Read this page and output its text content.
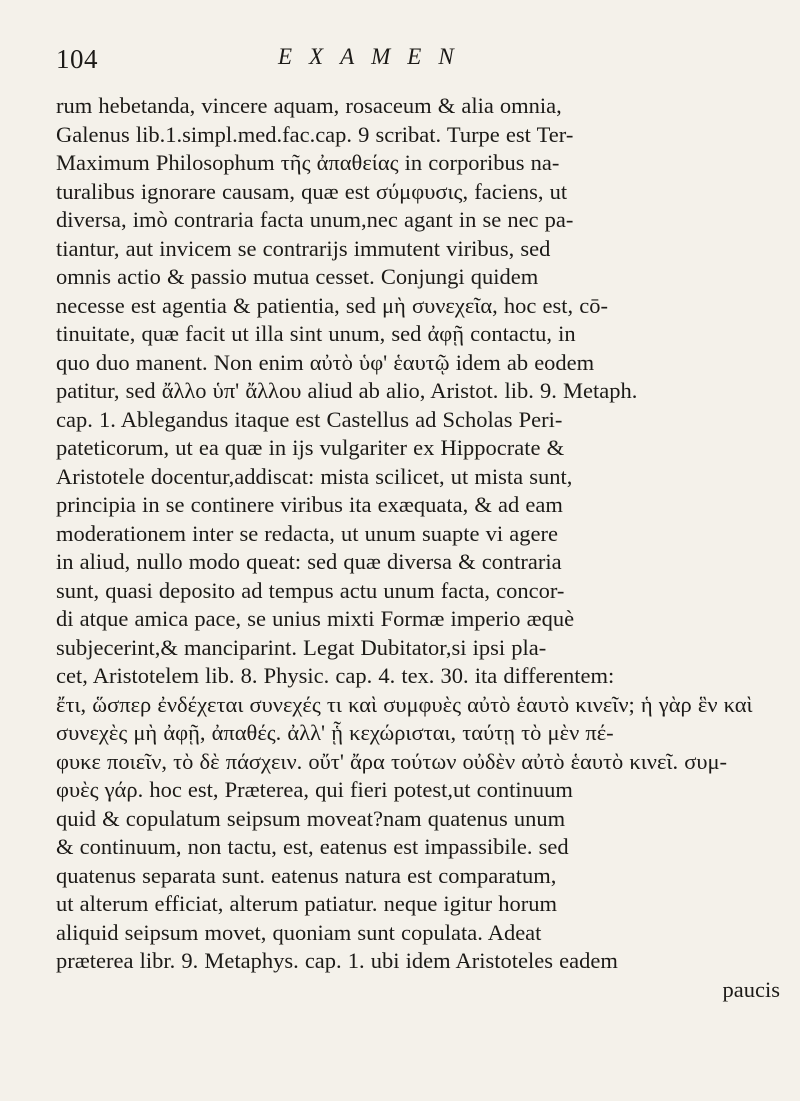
104	EXAMEN
rum hebetanda, vincere aquam, rosaceum & alia omnia,
Galenus lib.1.simpl.med.fac.cap. 9 scribat. Turpe est Ter-
Maximum Philosophum τῆς ἀπαθείας in corporibus na-
turalibus ignorare causam, quæ est σύμφυσις, faciens, ut
diversa, imò contraria facta unum,nec agant in se nec pa-
tiantur, aut invicem se contrarijs immutent viribus, sed
omnis actio & passio mutua cesset. Conjungi quidem
necesse est agentia & patientia, sed μὴ συνεχεῖα, hoc est, cō-
tinuitate, quæ facit ut illa sint unum, sed ἀφῇ contactu, in
quo duo manent. Non enim αὐτὸ ὑφ' ἑαυτῷ idem ab eodem
patitur, sed ἄλλο ὑπ' ἄλλου aliud ab alio, Aristot. lib. 9. Metaph.
cap. 1. Ablegandus itaque est Castellus ad Scholas Peri-
pateticorum, ut ea quæ in ijs vulgariter ex Hippocrate &
Aristotele docentur,addiscat: mista scilicet, ut mista sunt,
principia in se continere viribus ita exæquata, & ad eam
moderationem inter se redacta, ut unum suapte vi agere
in aliud, nullo modo queat: sed quæ diversa & contraria
sunt, quasi deposito ad tempus actu unum facta, concor-
di atque amica pace, se unius mixti Formæ imperio æquè
subjecerint,& manciparint. Legat Dubitator,si ipsi pla-
cet, Aristotelem lib. 8. Physic. cap. 4. tex. 30. ita differentem:
ἔτι, ὥσπερ ἐνδέχεται συνεχές τι καὶ συμφυὲς αὐτὸ ἑαυτὸ κινεῖν; ἡ γὰρ ἓν καὶ
συνεχὲς μὴ ἀφῇ, ἀπαθές. ἀλλ' ᾗ κεχώρισται, ταύτῃ τὸ μὲν πέ-
φυκε ποιεῖν, τὸ δὲ πάσχειν. οὔτ' ἄρα τούτων οὐδὲν αὐτὸ ἑαυτὸ κινεῖ. συμ-
φυὲς γάρ. hoc est, Præterea, qui fieri potest,ut continuum
quid & copulatum seipsum moveat?nam quatenus unum
& continuum, non tactu, est, eatenus est impassibile. sed
quatenus separata sunt. eatenus natura est comparatum,
ut alterum efficiat, alterum patiatur. neque igitur horum
aliquid seipsum movet, quoniam sunt copulata. Adeat
præterea libr. 9. Metaphys. cap. 1. ubi idem Aristoteles eadem
paucis
